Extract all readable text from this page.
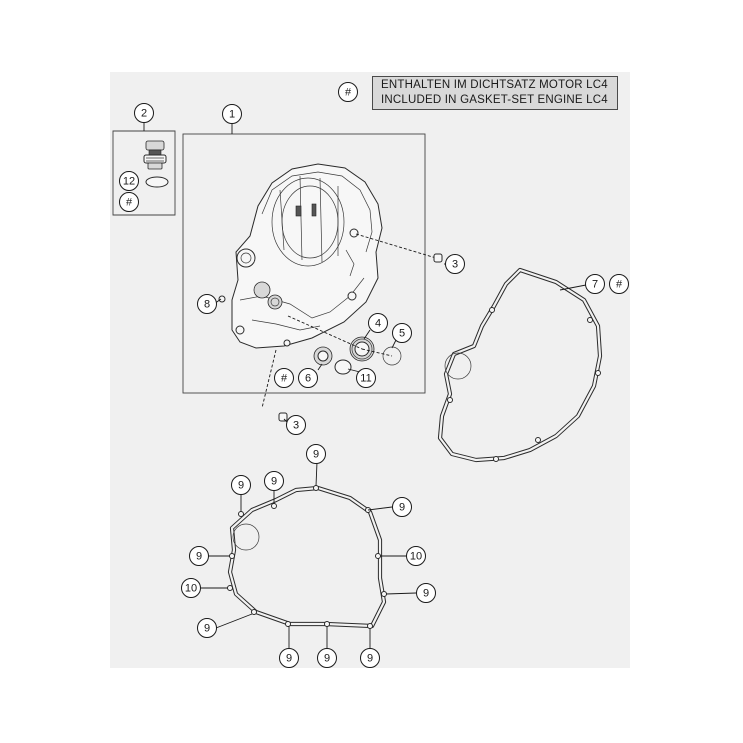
ENTHALTEN IM DICHTSATZ MOTOR LC4
INCLUDED IN GASKET-SET ENGINE LC4
1
2
12
#
3
7 #
8
4
5
# 6	11
3
9
9 9
9
9	10
10	9
9
9	9	9
#
